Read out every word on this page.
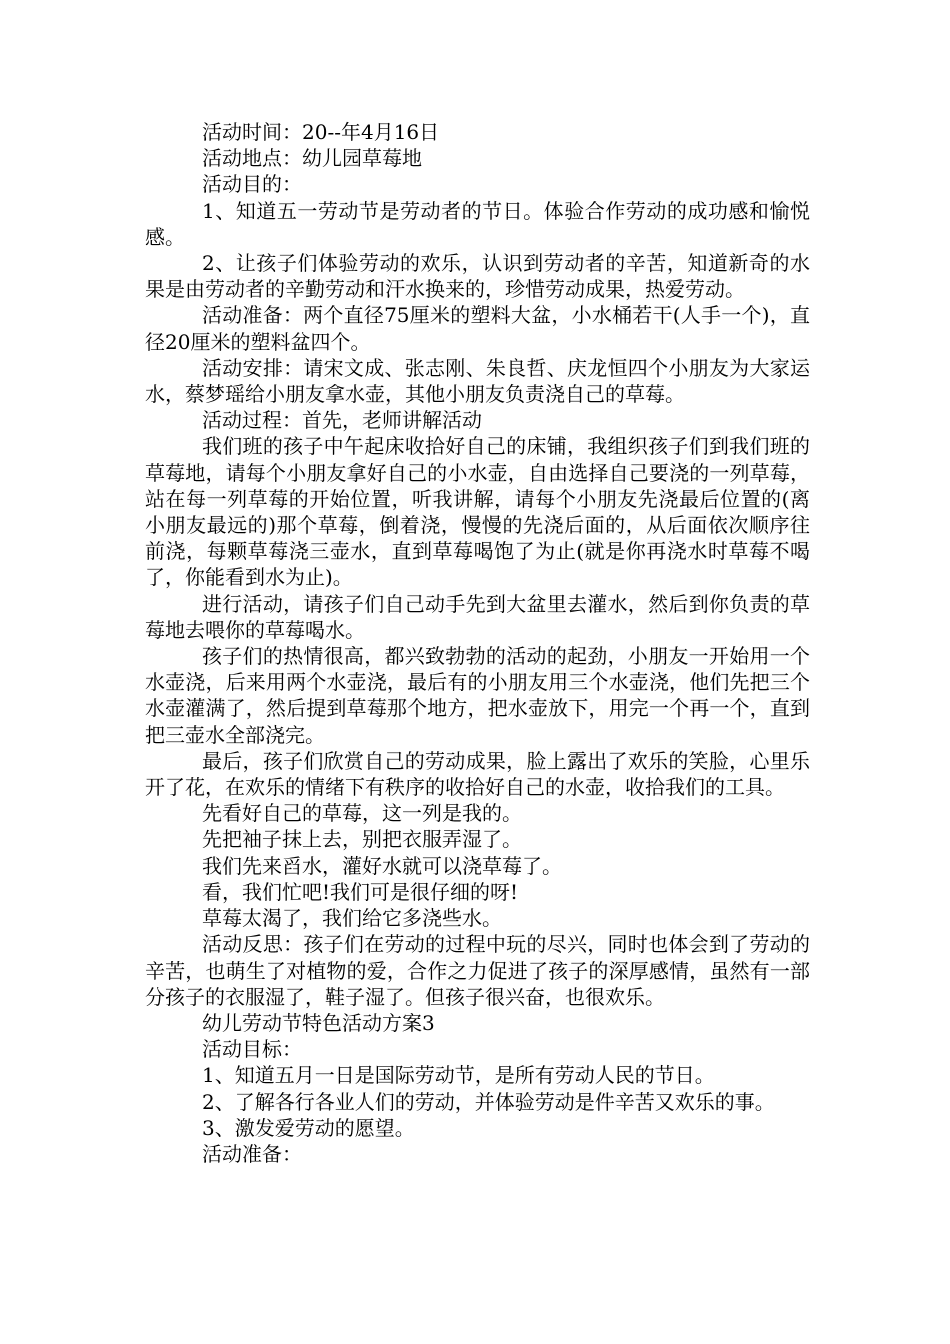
活动时间：20--年4月16日

活动地点：幼儿园草莓地

活动目的：

1、知道五一劳动节是劳动者的节日。体验合作劳动的成功感和愉悦感。

2、让孩子们体验劳动的欢乐，认识到劳动者的辛苦，知道新奇的水果是由劳动者的辛勤劳动和汗水换来的，珍惜劳动成果，热爱劳动。

活动准备：两个直径75厘米的塑料大盆，小水桶若干(人手一个)，直径20厘米的塑料盆四个。

活动安排：请宋文成、张志刚、朱良哲、庆龙恒四个小朋友为大家运水，蔡梦瑶给小朋友拿水壶，其他小朋友负责浇自己的草莓。

活动过程：首先，老师讲解活动

我们班的孩子中午起床收拾好自己的床铺，我组织孩子们到我们班的草莓地，请每个小朋友拿好自己的小水壶，自由选择自己要浇的一列草莓，站在每一列草莓的开始位置，听我讲解，请每个小朋友先浇最后位置的(离小朋友最远的)那个草莓，倒着浇，慢慢的先浇后面的，从后面依次顺序往前浇，每颗草莓浇三壶水，直到草莓喝饱了为止(就是你再浇水时草莓不喝了，你能看到水为止)。

进行活动，请孩子们自己动手先到大盆里去灌水，然后到你负责的草莓地去喂你的草莓喝水。

孩子们的热情很高，都兴致勃勃的活动的起劲，小朋友一开始用一个水壶浇，后来用两个水壶浇，最后有的小朋友用三个水壶浇，他们先把三个水壶灌满了，然后提到草莓那个地方，把水壶放下，用完一个再一个，直到把三壶水全部浇完。

最后，孩子们欣赏自己的劳动成果，脸上露出了欢乐的笑脸，心里乐开了花，在欢乐的情绪下有秩序的收拾好自己的水壶，收拾我们的工具。

先看好自己的草莓，这一列是我的。

先把袖子抹上去，别把衣服弄湿了。

我们先来舀水，灌好水就可以浇草莓了。

看，我们忙吧!我们可是很仔细的呀!

草莓太渴了，我们给它多浇些水。

活动反思：孩子们在劳动的过程中玩的尽兴，同时也体会到了劳动的辛苦，也萌生了对植物的爱，合作之力促进了孩子的深厚感情，虽然有一部分孩子的衣服湿了，鞋子湿了。但孩子很兴奋，也很欢乐。

幼儿劳动节特色活动方案3

活动目标：

1、知道五月一日是国际劳动节，是所有劳动人民的节日。

2、了解各行各业人们的劳动，并体验劳动是件辛苦又欢乐的事。

3、激发爱劳动的愿望。

活动准备：
